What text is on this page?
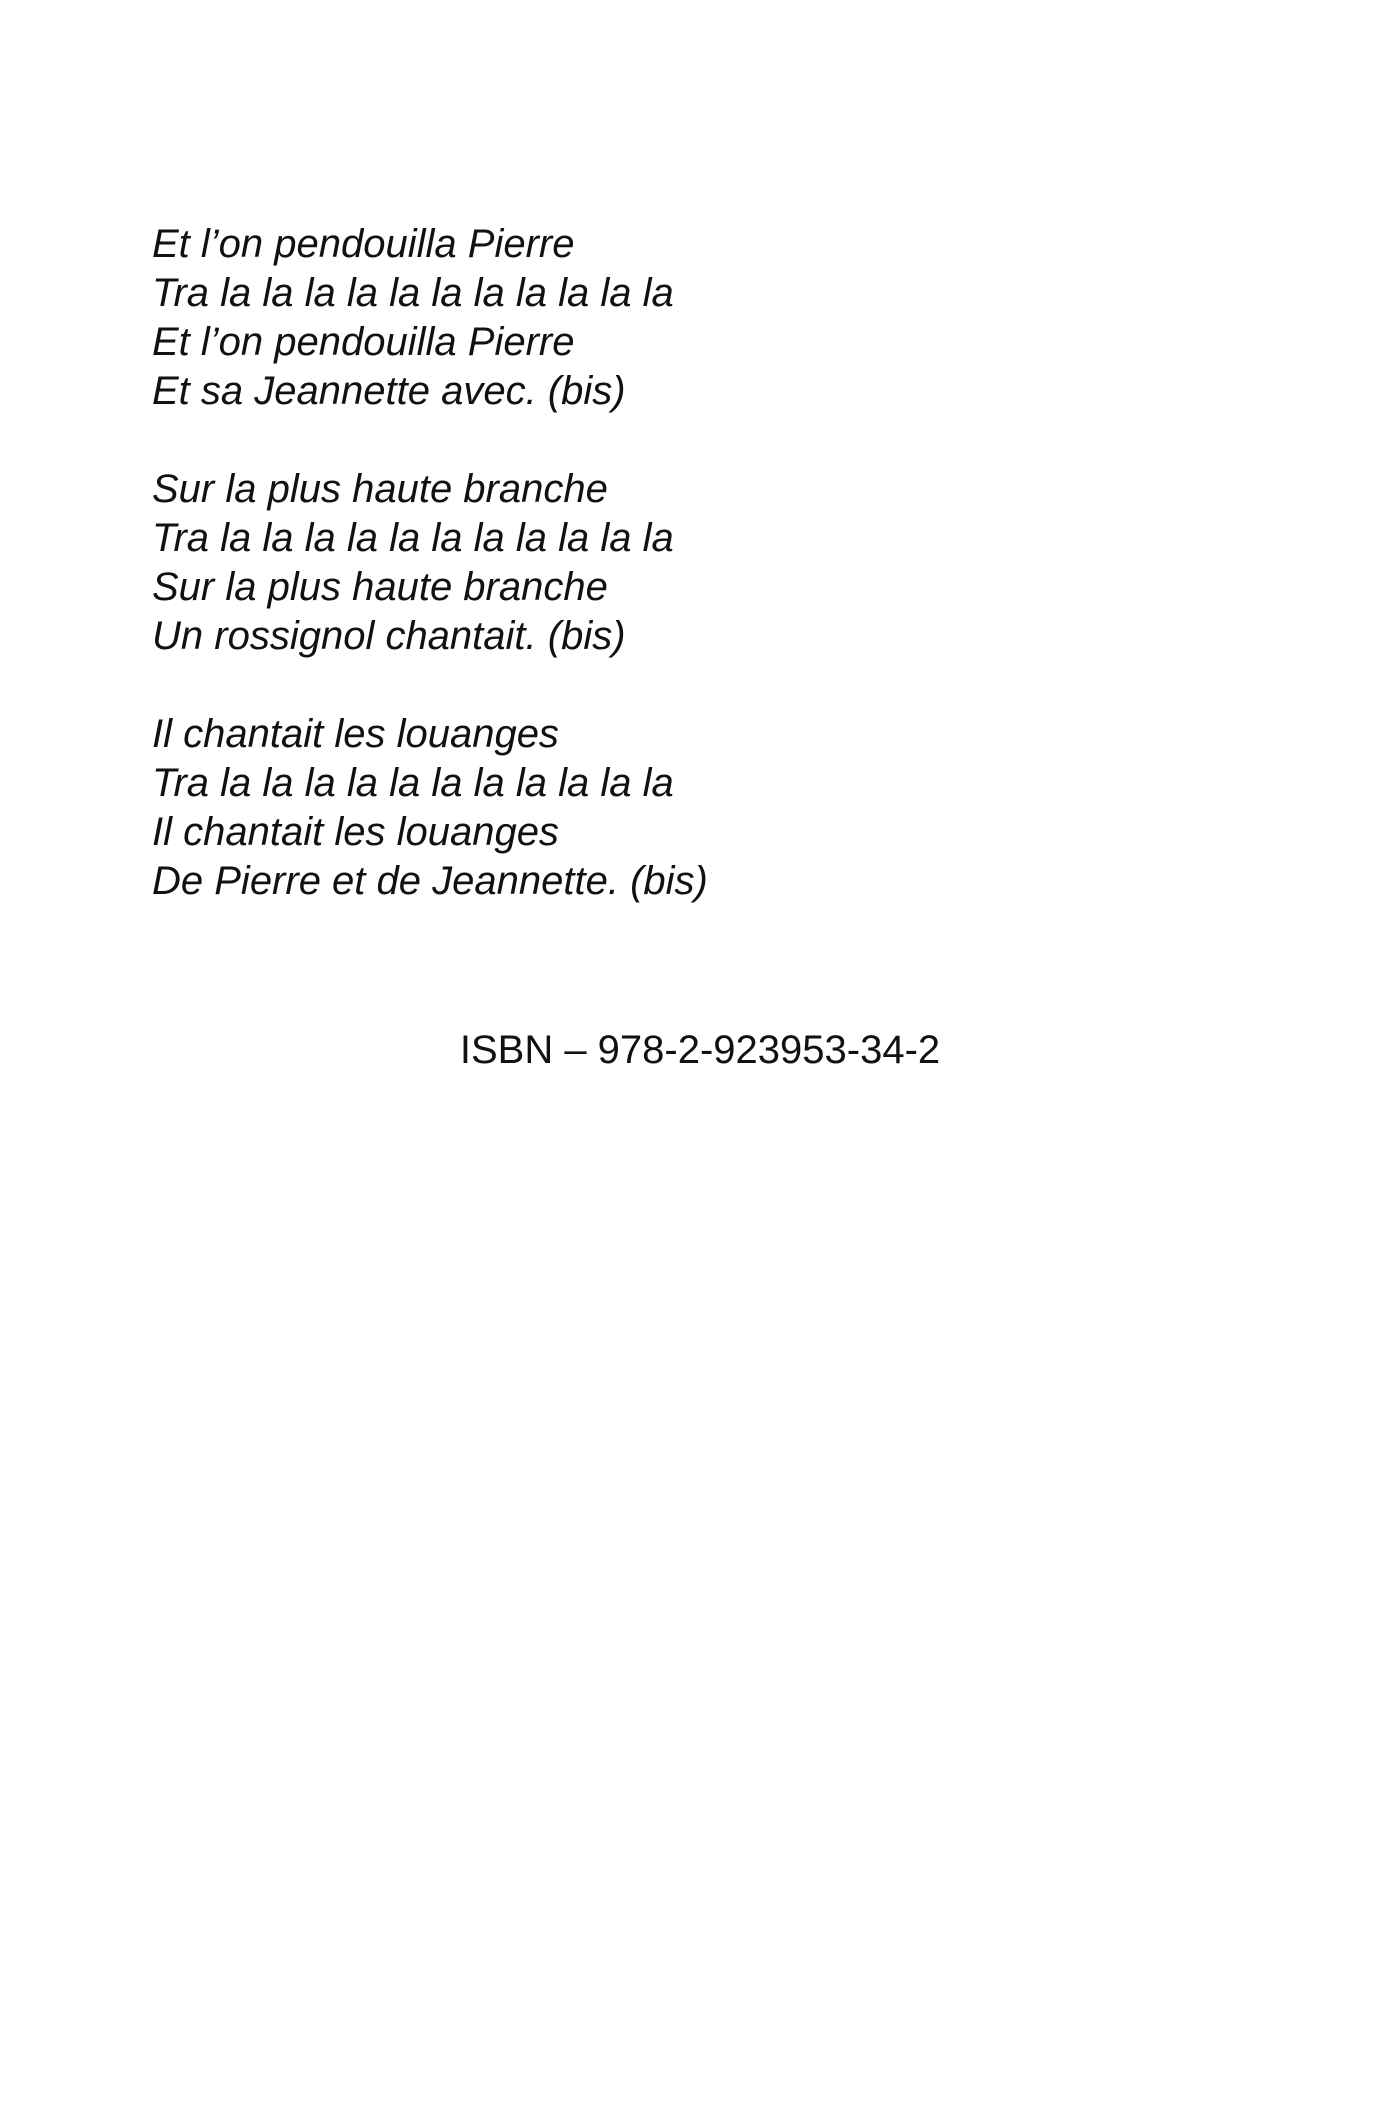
Et l’on pendouilla Pierre
Tra la la la la la la la la la la la
Et l’on pendouilla Pierre
Et sa Jeannette avec. (bis)
Sur la plus haute branche
Tra la la la la la la la la la la la
Sur la plus haute branche
Un rossignol chantait. (bis)
Il chantait les louanges
Tra la la la la la la la la la la la
Il chantait les louanges
De Pierre et de Jeannette. (bis)
ISBN – 978-2-923953-34-2
